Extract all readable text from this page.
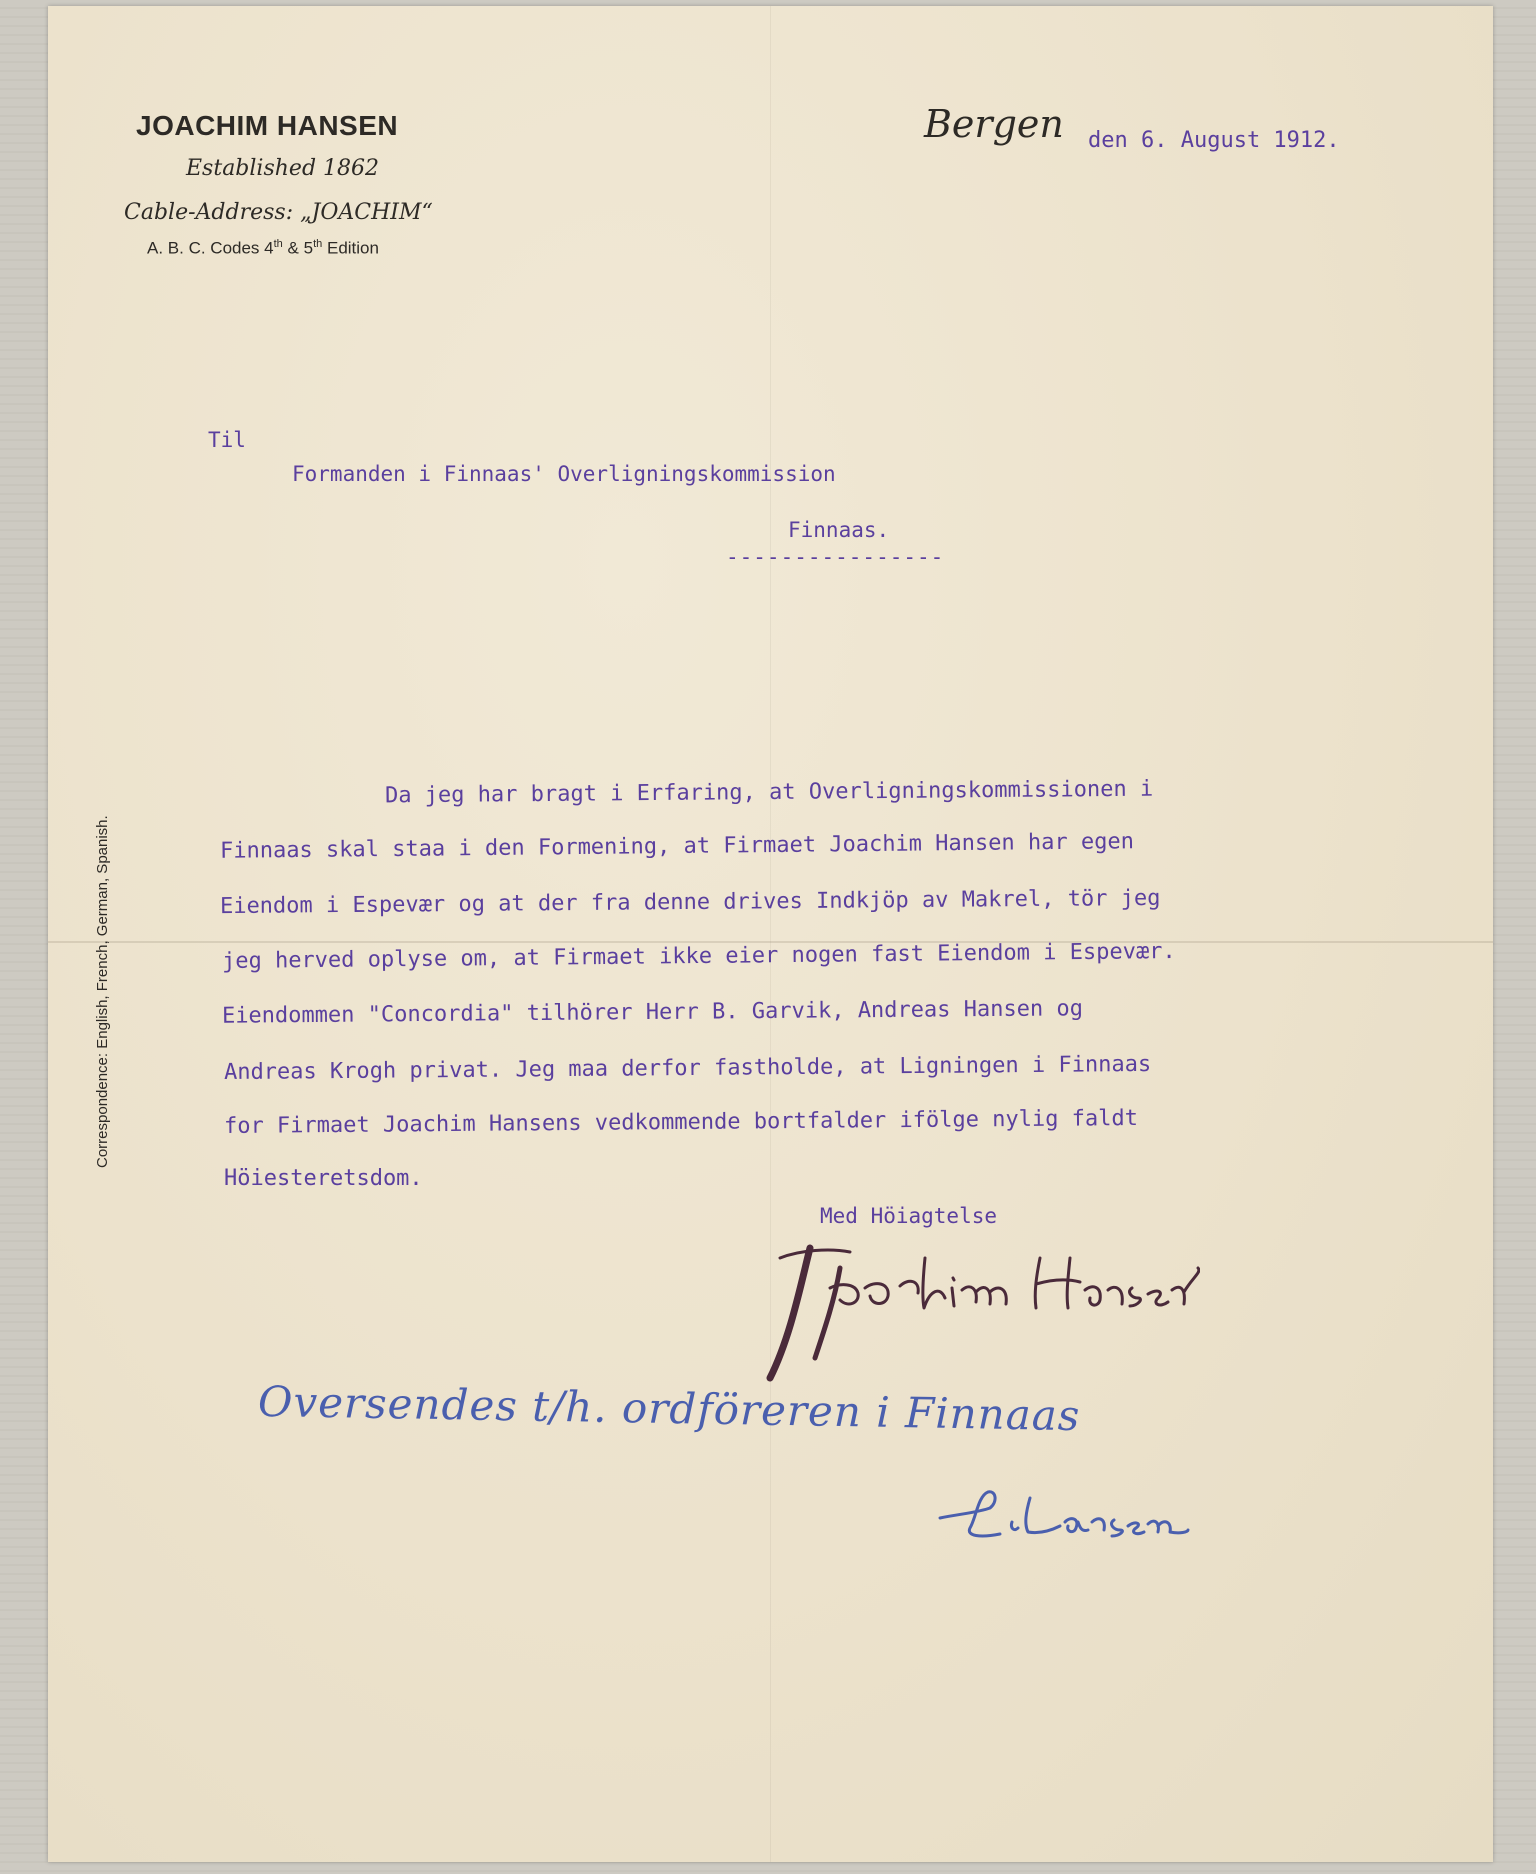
JOACHIM HANSEN
Established 1862
Cable-Address: „JOACHIM“
A. B. C. Codes 4th & 5th Edition
Correspondence: English, French, German, Spanish.
Bergen den 6. August 1912.
Til
Formanden i Finnaas' Overligningskommission
Finnaas.
----------------
Da jeg har bragt i Erfaring, at Overligningskommissionen i
Finnaas skal staa i den Formening, at Firmaet Joachim Hansen har egen
Eiendom i Espevær og at der fra denne drives Indkjöp av Makrel, tör jeg
jeg herved oplyse om, at Firmaet ikke eier nogen fast Eiendom i Espevær.
Eiendommen "Concordia" tilhörer Herr B. Garvik, Andreas Hansen og
Andreas Krogh privat. Jeg maa derfor fastholde, at Ligningen i Finnaas
for Firmaet Joachim Hansens vedkommende bortfalder ifölge nylig faldt
Höiesteretsdom.
Med Höiagtelse
Oversendes t/h. ordföreren i Finnaas
